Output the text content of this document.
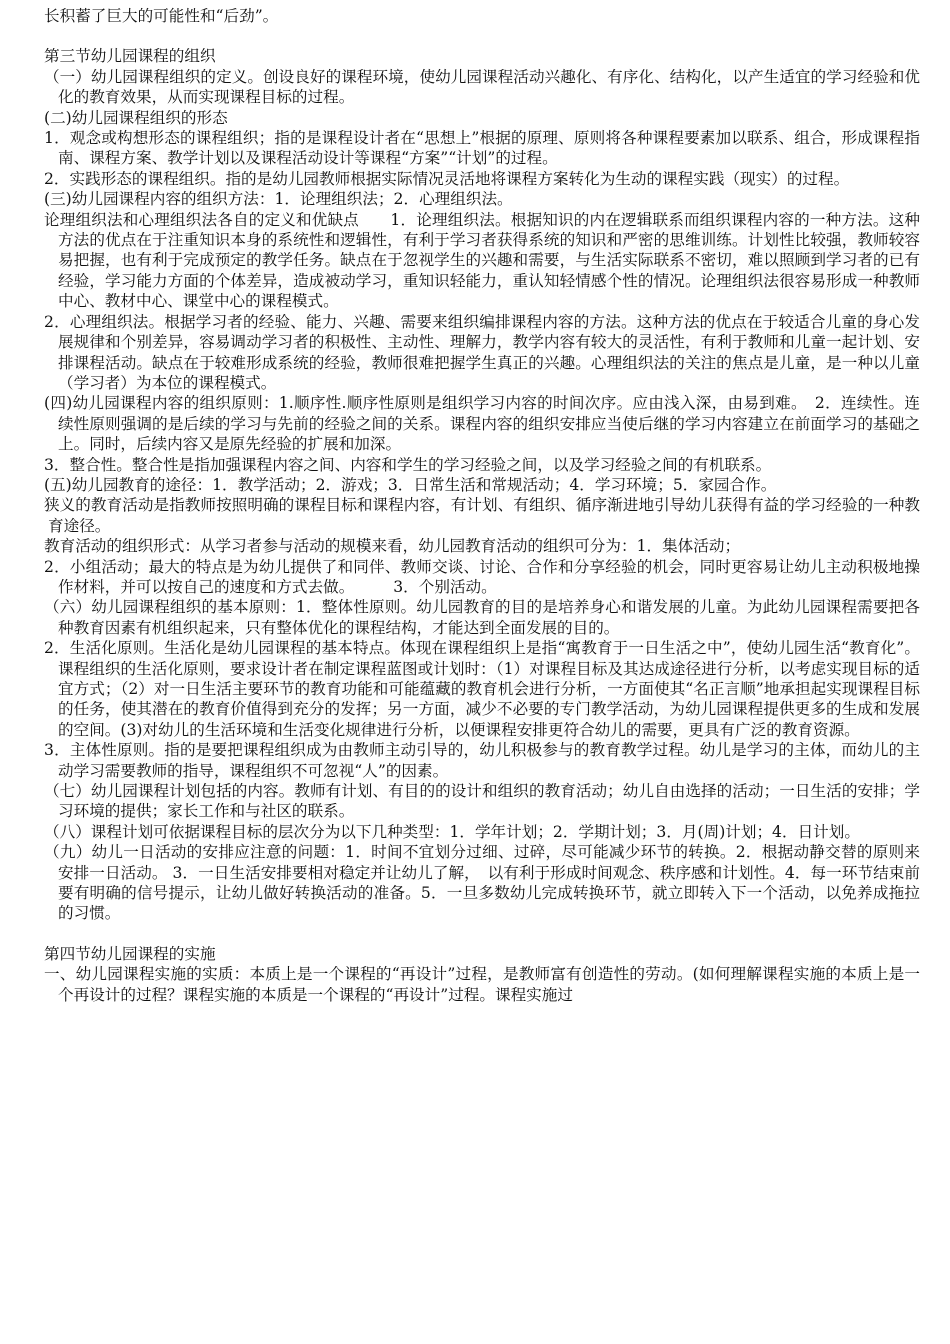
长积蓄了巨大的可能性和“后劲”。

第三节幼儿园课程的组织

（一）幼儿园课程组织的定义。创设良好的课程环境，使幼儿园课程活动兴趣化、有序化、结构化，以产生适宜的学习经验和优化的教育效果，从而实现课程目标的过程。

(二)幼儿园课程组织的形态

1．观念或构想形态的课程组织；指的是课程设计者在“思想上”根据的原理、原则将各种课程要素加以联系、组合，形成课程指南、课程方案、教学计划以及课程活动设计等课程“方案”“计划”的过程。

2．实践形态的课程组织。指的是幼儿园教师根据实际情况灵活地将课程方案转化为生动的课程实践（现实）的过程。

(三)幼儿园课程内容的组织方法：1．论理组织法；2．心理组织法。

论理组织法和心理组织法各自的定义和优缺点　　1．论理组织法。根据知识的内在逻辑联系而组织课程内容的一种方法。这种方法的优点在于注重知识本身的系统性和逻辑性，有利于学习者获得系统的知识和严密的思维训练。计划性比较强，教师较容易把握，也有利于完成预定的教学任务。缺点在于忽视学生的兴趣和需要，与生活实际联系不密切，难以照顾到学习者的已有经验，学习能力方面的个体差异，造成被动学习，重知识轻能力，重认知轻情感个性的情况。论理组织法很容易形成一种教师中心、教材中心、课堂中心的课程模式。

2．心理组织法。根据学习者的经验、能力、兴趣、需要来组织编排课程内容的方法。这种方法的优点在于较适合儿童的身心发展规律和个别差异，容易调动学习者的积极性、主动性、理解力，教学内容有较大的灵活性，有利于教师和儿童一起计划、安排课程活动。缺点在于较难形成系统的经验，教师很难把握学生真正的兴趣。心理组织法的关注的焦点是儿童，是一种以儿童（学习者）为本位的课程模式。

(四)幼儿园课程内容的组织原则：1.顺序性.顺序性原则是组织学习内容的时间次序。应由浅入深，由易到难。　2．连续性。连续性原则强调的是后续的学习与先前的经验之间的关系。课程内容的组织安排应当使后继的学习内容建立在前面学习的基础之上。同时，后续内容又是原先经验的扩展和加深。

3．整合性。整合性是指加强课程内容之间、内容和学生的学习经验之间，以及学习经验之间的有机联系。

(五)幼儿园教育的途径：1．教学活动；2．游戏；3．日常生活和常规活动；4．学习环境；5．家园合作。

狭义的教育活动是指教师按照明确的课程目标和课程内容，有计划、有组织、循序渐进地引导幼儿获得有益的学习经验的一种教育途径。

教育活动的组织形式：从学习者参与活动的规模来看，幼儿园教育活动的组织可分为：1．集体活动；

2．小组活动；最大的特点是为幼儿提供了和同伴、教师交谈、讨论、合作和分享经验的机会，同时更容易让幼儿主动积极地操作材料，并可以按自己的速度和方式去做。　　　3．个别活动。

（六）幼儿园课程组织的基本原则：1．整体性原则。幼儿园教育的目的是培养身心和谐发展的儿童。为此幼儿园课程需要把各种教育因素有机组织起来，只有整体优化的课程结构，才能达到全面发展的目的。

2．生活化原则。生活化是幼儿园课程的基本特点。体现在课程组织上是指“寓教育于一日生活之中”，使幼儿园生活“教育化”。课程组织的生活化原则，要求设计者在制定课程蓝图或计划时：（1）对课程目标及其达成途径进行分析，以考虑实现目标的适宜方式；（2）对一日生活主要环节的教育功能和可能蕴藏的教育机会进行分析，一方面使其“名正言顺”地承担起实现课程目标的任务，使其潜在的教育价值得到充分的发挥；另一方面，减少不必要的专门教学活动，为幼儿园课程提供更多的生成和发展的空间。(3)对幼儿的生活环境和生活变化规律进行分析，以便课程安排更符合幼儿的需要，更具有广泛的教育资源。

3．主体性原则。指的是要把课程组织成为由教师主动引导的，幼儿积极参与的教育教学过程。幼儿是学习的主体，而幼儿的主动学习需要教师的指导，课程组织不可忽视“人”的因素。

（七）幼儿园课程计划包括的内容。教师有计划、有目的的设计和组织的教育活动；幼儿自由选择的活动；一日生活的安排；学习环境的提供；家长工作和与社区的联系。

（八）课程计划可依据课程目标的层次分为以下几种类型：1．学年计划；2．学期计划；3．月(周)计划；4．日计划。

（九）幼儿一日活动的安排应注意的问题：1．时间不宜划分过细、过碎，尽可能减少环节的转换。2．根据动静交替的原则来安排一日活动。 3．一日生活安排要相对稳定并让幼儿了解，　以有利于形成时间观念、秩序感和计划性。4．每一环节结束前要有明确的信号提示，让幼儿做好转换活动的准备。5．一旦多数幼儿完成转换环节，就立即转入下一个活动，以免养成拖拉的习惯。

第四节幼儿园课程的实施

一、幼儿园课程实施的实质：本质上是一个课程的“再设计”过程，是教师富有创造性的劳动。(如何理解课程实施的本质上是一个再设计的过程？课程实施的本质是一个课程的“再设计”过程。课程实施过
